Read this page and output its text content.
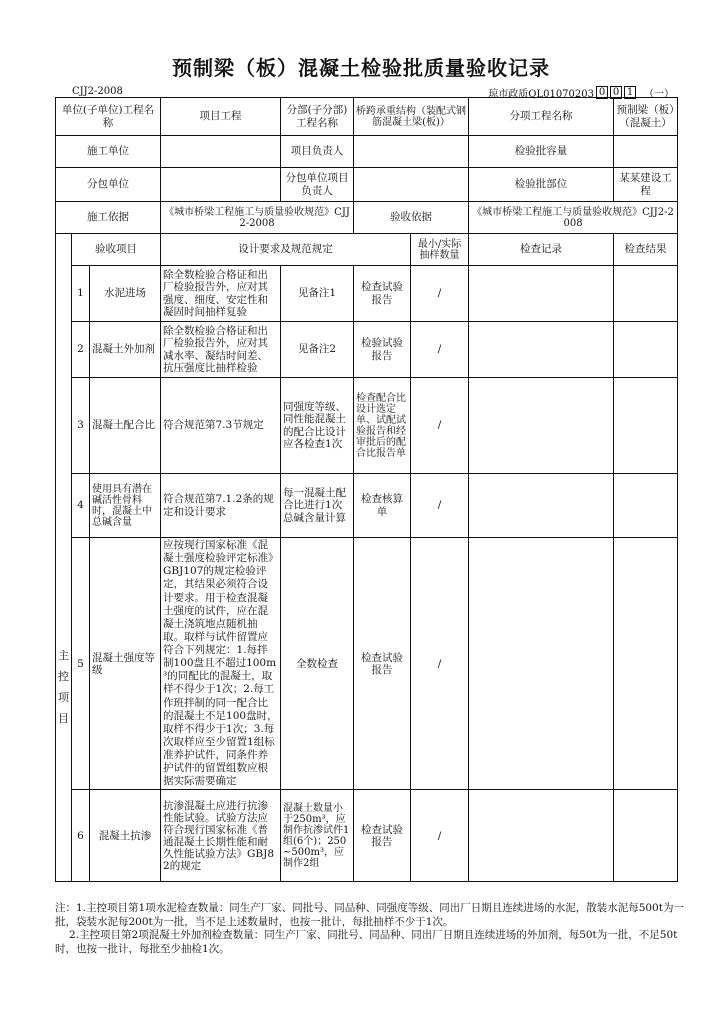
预制梁（板）混凝土检验批质量验收记录
CJJ2-2008	琼市政质QL01070203 0 0 1 （一）
单位(子单位)工程名称			项目工程	分部(子分部)工程名称	桥跨承重结构（装配式钢筋混凝土梁(板)）		分项工程名称	预制梁（板）（混凝土）
施工单位				项目负责人			检验批容量	
分包单位				分包单位项目负责人			检验批部位	某某建设工程
施工依据			《城市桥梁工程施工与质量验收规范》CJJ2-2008		验收依据		《城市桥梁工程施工与质量验收规范》CJJ2-2008	

主
控
项
目	验收项目		设计要求及规范规定			最小/实际抽样数量	检查记录	检查结果
	1	水泥进场	除全数检验合格证和出厂检验报告外，应对其强度、细度、安定性和凝固时间抽样复验	见备注1	检查试验报告	/		
	2	混凝土外加剂	除全数检验合格证和出厂检验报告外，应对其减水率、凝结时间差、抗压强度比抽样检验	见备注2	检验试验报告	/		
	3	混凝土配合比	符合规范第7.3节规定	同强度等级、同性能混凝土的配合比设计应各检查1次	检查配合比设计选定单、试配试验报告和经审批后的配合比报告单	/		
	4	使用具有潜在碱活性骨料时，混凝土中总碱含量	符合规范第7.1.2条的规定和设计要求	每一混凝土配合比进行1次总碱含量计算	检查核算单	/		
	5	混凝土强度等级	应按现行国家标准《混凝土强度检验评定标准》GBJ107的规定检验评定，其结果必须符合设计要求。用于检查混凝土强度的试件，应在混凝土浇筑地点随机抽取。取样与试件留置应符合下列规定：1.每拌制100盘且不超过100m³的同配比的混凝土，取样不得少于1次；2.每工作班拌制的同一配合比的混凝土不足100盘时，取样不得少于1次；3.每次取样应至少留置1组标准养护试件，同条件养护试件的留置组数应根据实际需要确定	全数检查	检查试验报告	/		
	6	混凝土抗渗	抗渗混凝土应进行抗渗性能试验。试验方法应符合现行国家标准《普通混凝土长期性能和耐久性能试验方法》GBJ82的规定	混凝土数量小于250m³，应制作抗渗试件1组(6个)；250~500m³，应制作2组	检查试验报告	/		

注：1.主控项目第1项水泥检查数量：同生产厂家、同批号、同品种、同强度等级、同出厂日期且连续进场的水泥，散装水泥每500t为一批，袋装水泥每200t为一批，当不足上述数量时，也按一批计，每批抽样不少于1次。

2.主控项目第2项混凝土外加剂检查数量：同生产厂家、同批号、同品种、同出厂日期且连续进场的外加剂，每50t为一批，不足50t时，也按一批计，每批至少抽检1次。
